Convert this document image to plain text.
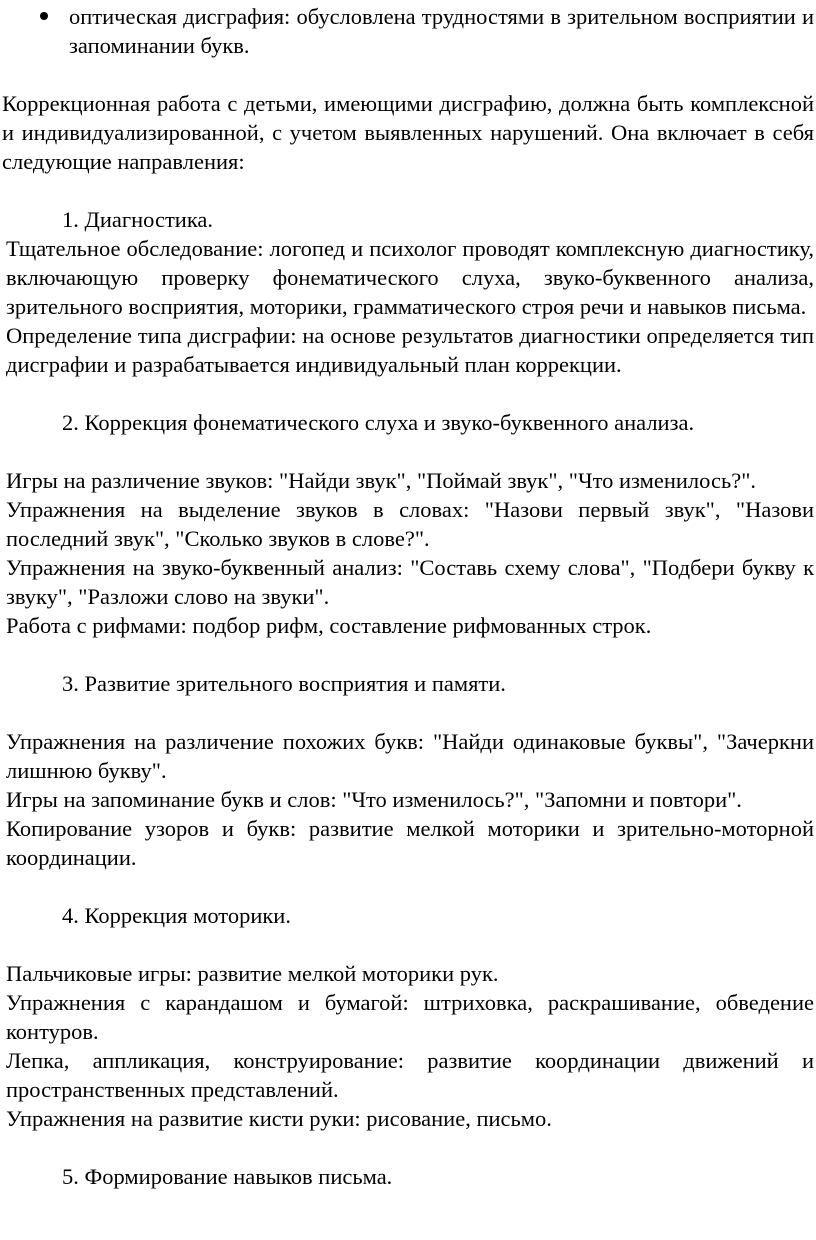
оптическая дисграфия: обусловлена трудностями в зрительном восприятии и запоминании букв.

Коррекционная работа с детьми, имеющими дисграфию, должна быть комплексной и индивидуализированной, с учетом выявленных нарушений. Она включает в себя следующие направления:

1. Диагностика.

Тщательное обследование: логопед и психолог проводят комплексную диагностику, включающую проверку фонематического слуха, звуко-буквенного анализа, зрительного восприятия, моторики, грамматического строя речи и навыков письма.

Определение типа дисграфии: на основе результатов диагностики определяется тип дисграфии и разрабатывается индивидуальный план коррекции.

2. Коррекция фонематического слуха и звуко-буквенного анализа.

Игры на различение звуков: "Найди звук", "Поймай звук", "Что изменилось?".

Упражнения на выделение звуков в словах: "Назови первый звук", "Назови последний звук", "Сколько звуков в слове?".

Упражнения на звуко-буквенный анализ: "Составь схему слова", "Подбери букву к звуку", "Разложи слово на звуки".

Работа с рифмами: подбор рифм, составление рифмованных строк.

3. Развитие зрительного восприятия и памяти.

Упражнения на различение похожих букв: "Найди одинаковые буквы", "Зачеркни лишнюю букву".

Игры на запоминание букв и слов: "Что изменилось?", "Запомни и повтори".

Копирование узоров и букв: развитие мелкой моторики и зрительно-моторной координации.

4. Коррекция моторики.

Пальчиковые игры: развитие мелкой моторики рук.

Упражнения с карандашом и бумагой: штриховка, раскрашивание, обведение контуров.

Лепка, аппликация, конструирование: развитие координации движений и пространственных представлений.

Упражнения на развитие кисти руки: рисование, письмо.

5. Формирование навыков письма.
